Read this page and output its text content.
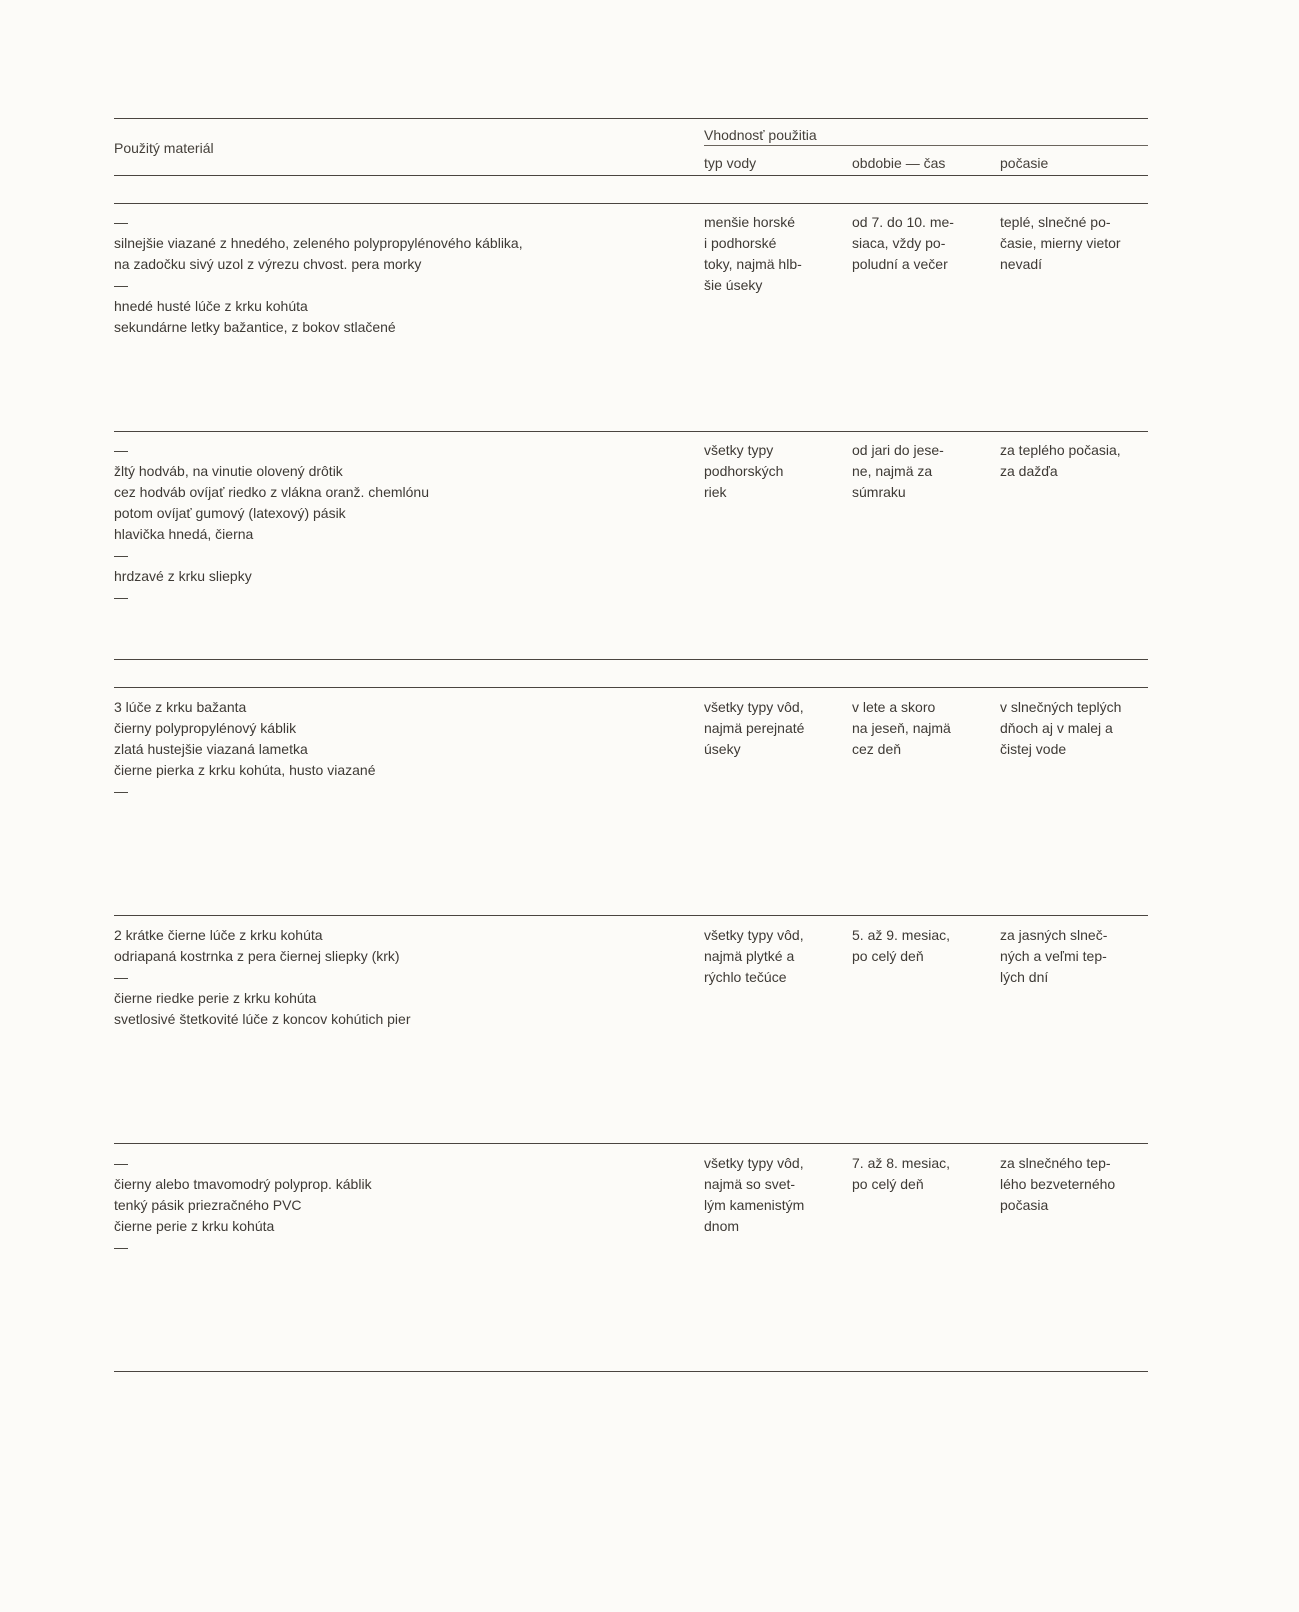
Použitý materiál
Vhodnosť použitia
typ vody	obdobie — čas	počasie
—
silnejšie viazané z hnedého, zeleného polypropylénového káblika,
na zadočku sivý uzol z výrezu chvost. pera morky
—
hnedé husté lúče z krku kohúta
sekundárne letky bažantice, z bokov stlačené
menšie horské
i podhorské
toky, najmä hlb-
šie úseky
od 7. do 10. me-
siaca, vždy po-
poludní a večer
teplé, slnečné po-
časie, mierny vietor
nevadí
—
žltý hodváb, na vinutie olovený drôtik
cez hodváb ovíjať riedko z vlákna oranž. chemlónu
potom ovíjať gumový (latexový) pásik
hlavička hnedá, čierna
—
hrdzavé z krku sliepky
—
všetky typy
podhorských
riek
od jari do jese-
ne, najmä za
súmraku
za teplého počasia,
za dažďa
3 lúče z krku bažanta
čierny polypropylénový káblik
zlatá hustejšie viazaná lametka
čierne pierka z krku kohúta, husto viazané
—
všetky typy vôd,
najmä perejnaté
úseky
v lete a skoro
na jeseň, najmä
cez deň
v slnečných teplých
dňoch aj v malej a
čistej vode
2 krátke čierne lúče z krku kohúta
odriapaná kostrnka z pera čiernej sliepky (krk)
—
čierne riedke perie z krku kohúta
svetlosivé štetkovité lúče z koncov kohútich pier
všetky typy vôd,
najmä plytké a
rýchlo tečúce
5. až 9. mesiac,
po celý deň
za jasných slneč-
ných a veľmi tep-
lých dní
—
čierny alebo tmavomodrý polyprop. káblik
tenký pásik priezračného PVC
čierne perie z krku kohúta
—
všetky typy vôd,
najmä so svet-
lým kamenistým
dnom
7. až 8. mesiac,
po celý deň
za slnečného tep-
lého bezveterného
počasia
